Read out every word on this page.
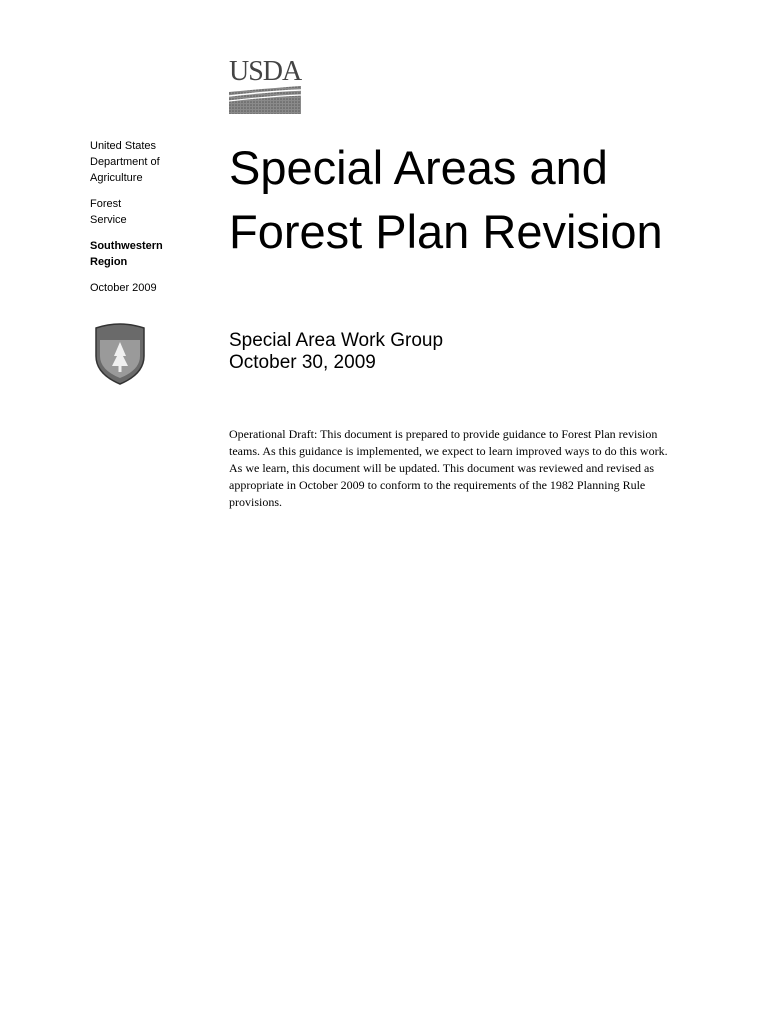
USDA
United States
Department of
Agriculture
Forest
Service
Southwestern
Region
October 2009
Special Areas and
Forest Plan Revision
Special Area Work Group
October 30, 2009
Operational Draft: This document is prepared to provide guidance to Forest Plan revision
teams. As this guidance is implemented, we expect to learn improved ways to do this work.
As we learn, this document will be updated. This document was reviewed and revised as
appropriate in October 2009 to conform to the requirements of the 1982 Planning Rule
provisions.
